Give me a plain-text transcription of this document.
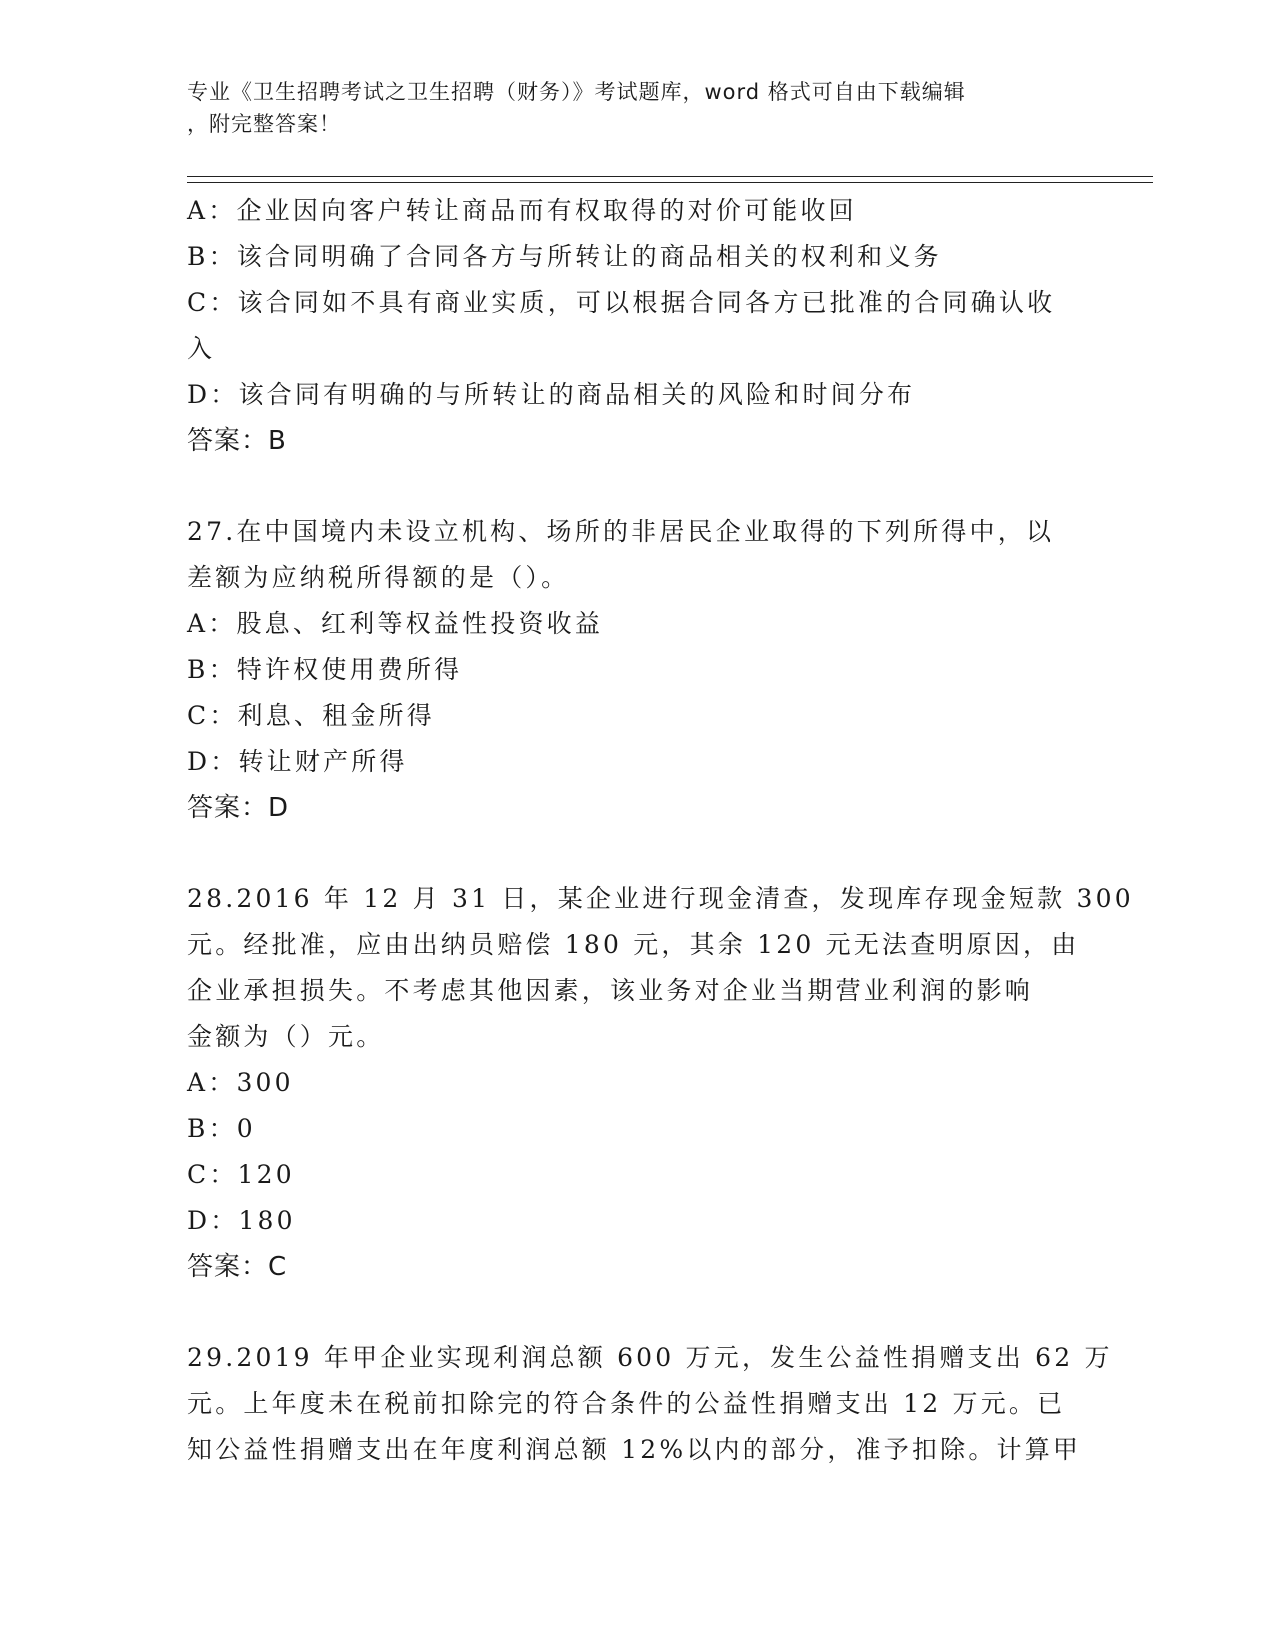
专业《卫生招聘考试之卫生招聘（财务）》考试题库，word 格式可自由下载编辑
，附完整答案！
A：企业因向客户转让商品而有权取得的对价可能收回
B：该合同明确了合同各方与所转让的商品相关的权利和义务
C：该合同如不具有商业实质，可以根据合同各方已批准的合同确认收
入
D：该合同有明确的与所转让的商品相关的风险和时间分布
答案：B
27.在中国境内未设立机构、场所的非居民企业取得的下列所得中，以
差额为应纳税所得额的是（）。
A：股息、红利等权益性投资收益
B：特许权使用费所得
C：利息、租金所得
D：转让财产所得
答案：D
28.2016 年 12 月 31 日，某企业进行现金清查，发现库存现金短款 300
元。经批准，应由出纳员赔偿 180 元，其余 120 元无法查明原因，由
企业承担损失。不考虑其他因素，该业务对企业当期营业利润的影响
金额为（）元。
A：300
B：0
C：120
D：180
答案：C
29.2019 年甲企业实现利润总额 600 万元，发生公益性捐赠支出 62 万
元。上年度未在税前扣除完的符合条件的公益性捐赠支出 12 万元。已
知公益性捐赠支出在年度利润总额 12%以内的部分，准予扣除。计算甲
